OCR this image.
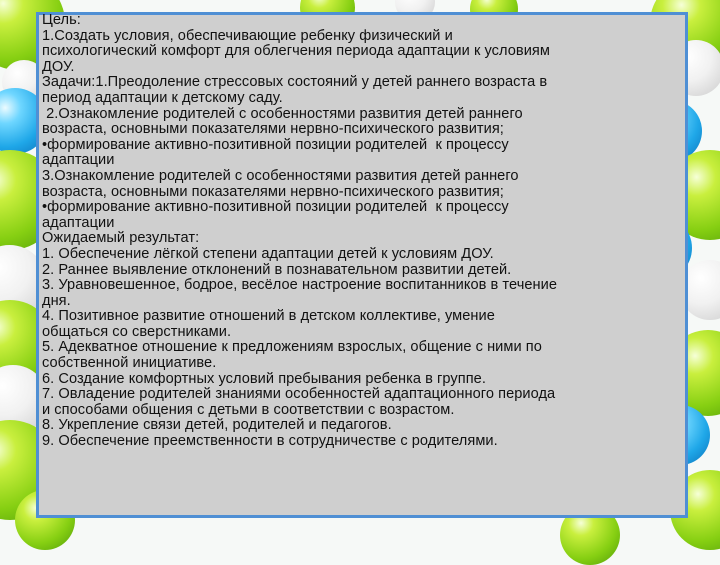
Цель:
1.Создать условия, обеспечивающие ребенку физический и
психологический комфорт для облегчения периода адаптации к условиям
ДОУ.
Задачи:1.Преодоление стрессовых состояний у детей раннего возраста в
период адаптации к детскому саду.
2.Ознакомление родителей с особенностями развития детей раннего
возраста, основными показателями нервно-психического развития;
•формирование активно-позитивной позиции родителей  к процессу
адаптации
3.Ознакомление родителей с особенностями развития детей раннего
возраста, основными показателями нервно-психического развития;
•формирование активно-позитивной позиции родителей  к процессу
адаптации
Ожидаемый результат:
1. Обеспечение лёгкой степени адаптации детей к условиям ДОУ.
2. Раннее выявление отклонений в познавательном развитии детей.
3. Уравновешенное, бодрое, весёлое настроение воспитанников в течение
дня.
4. Позитивное развитие отношений в детском коллективе, умение
общаться со сверстниками.
5. Адекватное отношение к предложениям взрослых, общение с ними по
собственной инициативе.
6. Создание комфортных условий пребывания ребенка в группе.
7. Овладение родителей знаниями особенностей адаптационного периода
и способами общения с детьми в соответствии с возрастом.
8. Укрепление связи детей, родителей и педагогов.
9. Обеспечение преемственности в сотрудничестве с родителями.
